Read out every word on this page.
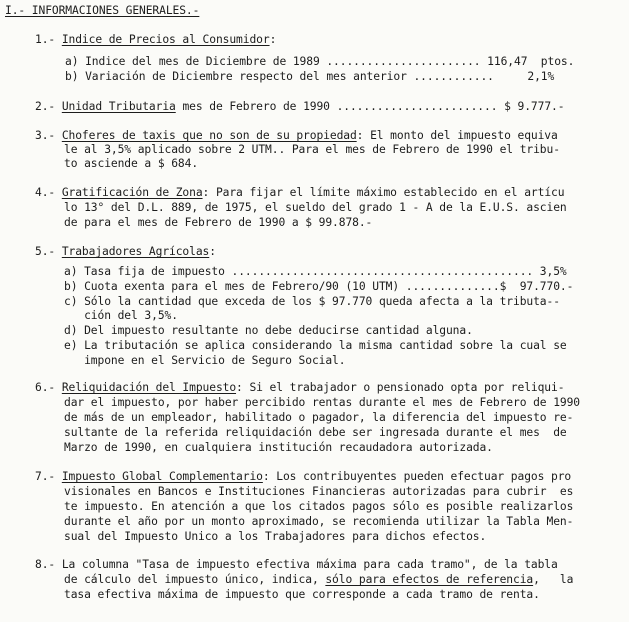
I.- INFORMACIONES GENERALES.-
1.- Indice de Precios al Consumidor:
a) Indice del mes de Diciembre de 1989 ....................... 116,47  ptos.
b) Variación de Diciembre respecto del mes anterior ............     2,1%
2.- Unidad Tributaria mes de Febrero de 1990 ........................ $ 9.777.-
3.- Choferes de taxis que no son de su propiedad: El monto del impuesto equiva
le al 3,5% aplicado sobre 2 UTM.. Para el mes de Febrero de 1990 el tribu-
to asciende a $ 684.
4.- Gratificación de Zona: Para fijar el límite máximo establecido en el artícu
lo 13° del D.L. 889, de 1975, el sueldo del grado 1 - A de la E.U.S. ascien
de para el mes de Febrero de 1990 a $ 99.878.-
5.- Trabajadores Agrícolas:
a) Tasa fija de impuesto ............................................. 3,5%
b) Cuota exenta para el mes de Febrero/90 (10 UTM) ..............$  97.770.-
c) Sólo la cantidad que exceda de los $ 97.770 queda afecta a la tributa--
ción del 3,5%.
d) Del impuesto resultante no debe deducirse cantidad alguna.
e) La tributación se aplica considerando la misma cantidad sobre la cual se
impone en el Servicio de Seguro Social.
6.- Reliquidación del Impuesto: Si el trabajador o pensionado opta por reliqui-
dar el impuesto, por haber percibido rentas durante el mes de Febrero de 1990
de más de un empleador, habilitado o pagador, la diferencia del impuesto re-
sultante de la referida reliquidación debe ser ingresada durante el mes  de
Marzo de 1990, en cualquiera institución recaudadora autorizada.
7.- Impuesto Global Complementario: Los contribuyentes pueden efectuar pagos pro
visionales en Bancos e Instituciones Financieras autorizadas para cubrir  es
te impuesto. En atención a que los citados pagos sólo es posible realizarlos
durante el año por un monto aproximado, se recomienda utilizar la Tabla Men-
sual del Impuesto Unico a los Trabajadores para dichos efectos.
8.- La columna "Tasa de impuesto efectiva máxima para cada tramo", de la tabla
de cálculo del impuesto único, indica, sólo para efectos de referencia,   la
tasa efectiva máxima de impuesto que corresponde a cada tramo de renta.
